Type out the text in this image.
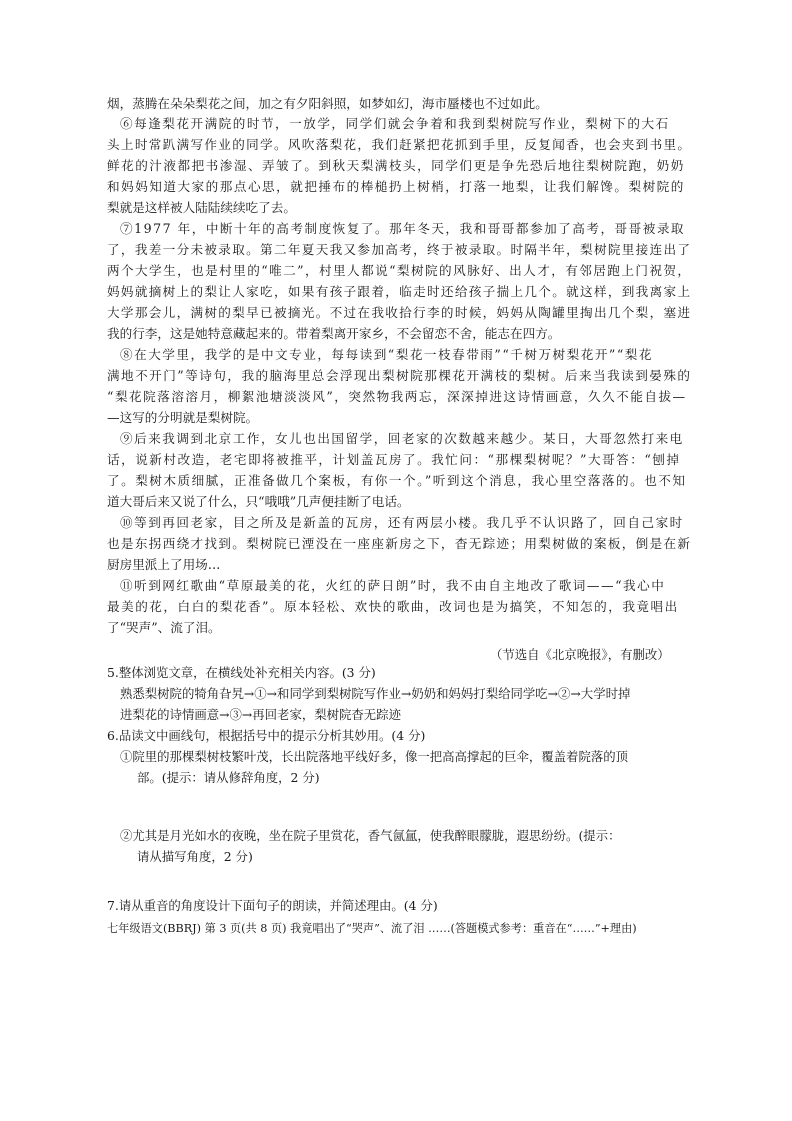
烟，蒸腾在朵朵梨花之间，加之有夕阳斜照，如梦如幻，海市蜃楼也不过如此。
⑥每逢梨花开满院的时节，一放学，同学们就会争着和我到梨树院写作业，梨树下的大石
头上时常趴满写作业的同学。风吹落梨花，我们赶紧把花抓到手里，反复闻香，也会夹到书里。
鲜花的汁液都把书渗湿、弄皱了。到秋天梨满枝头，同学们更是争先恐后地往梨树院跑，奶奶
和妈妈知道大家的那点心思，就把捶布的棒槌扔上树梢，打落一地梨，让我们解馋。梨树院的
梨就是这样被人陆陆续续吃了去。
⑦1977 年，中断十年的高考制度恢复了。那年冬天，我和哥哥都参加了高考，哥哥被录取
了，我差一分未被录取。第二年夏天我又参加高考，终于被录取。时隔半年，梨树院里接连出了
两个大学生，也是村里的“唯二”，村里人都说“梨树院的风脉好、出人才，有邻居跑上门祝贺，
妈妈就摘树上的梨让人家吃，如果有孩子跟着，临走时还给孩子揣上几个。就这样，到我离家上
大学那会儿，满树的梨早已被摘光。不过在我收拾行李的时候，妈妈从陶罐里掏出几个梨，塞进
我的行李，这是她特意藏起来的。带着梨离开家乡，不会留恋不舍，能志在四方。
⑧在大学里，我学的是中文专业，每每读到“梨花一枝春带雨”“千树万树梨花开”“梨花
满地不开门”等诗句，我的脑海里总会浮现出梨树院那棵花开满枝的梨树。后来当我读到晏殊的
“梨花院落溶溶月，柳絮池塘淡淡风”，突然物我两忘，深深掉进这诗情画意，久久不能自拔—
—这写的分明就是梨树院。
⑨后来我调到北京工作，女儿也出国留学，回老家的次数越来越少。某日，大哥忽然打来电
话，说新村改造，老宅即将被推平，计划盖瓦房了。我忙问：“那棵梨树呢？”大哥答：“刨掉
了。梨树木质细腻，正准备做几个案板，有你一个。”听到这个消息，我心里空落落的。也不知
道大哥后来又说了什么，只“哦哦”几声便挂断了电话。
⑩等到再回老家，目之所及是新盖的瓦房，还有两层小楼。我几乎不认识路了，回自己家时
也是东拐西绕才找到。梨树院已湮没在一座座新房之下，杳无踪迹；用梨树做的案板，倒是在新
厨房里派上了用场…
⑪听到网红歌曲“草原最美的花，火红的萨日朗”时，我不由自主地改了歌词——“我心中
最美的花，白白的梨花香”。原本轻松、欢快的歌曲，改词也是为搞笑，不知怎的，我竟唱出
了“哭声”、流了泪。
（节选自《北京晚报》，有删改）
5.整体浏览文章，在横线处补充相关内容。(3 分)
熟悉梨树院的犄角旮旯→①→和同学到梨树院写作业→奶奶和妈妈打梨给同学吃→②→大学时掉
进梨花的诗情画意→③→再回老家，梨树院杳无踪迹
6.品读文中画线句，根据括号中的提示分析其妙用。(4 分)
①院里的那棵梨树枝繁叶茂，长出院落地平线好多，像一把高高撑起的巨伞，覆盖着院落的顶
部。(提示：请从修辞角度，2 分)
②尤其是月光如水的夜晚，坐在院子里赏花，香气氤氲，使我醉眼朦胧，遐思纷纷。(提示：
请从描写角度，2 分)
7.请从重音的角度设计下面句子的朗读，并简述理由。(4 分)
七年级语文(BBRJ) 第 3 页(共 8 页) 我竟唱出了“哭声”、流了泪 ……(答题模式参考：重音在“……”+理由)
